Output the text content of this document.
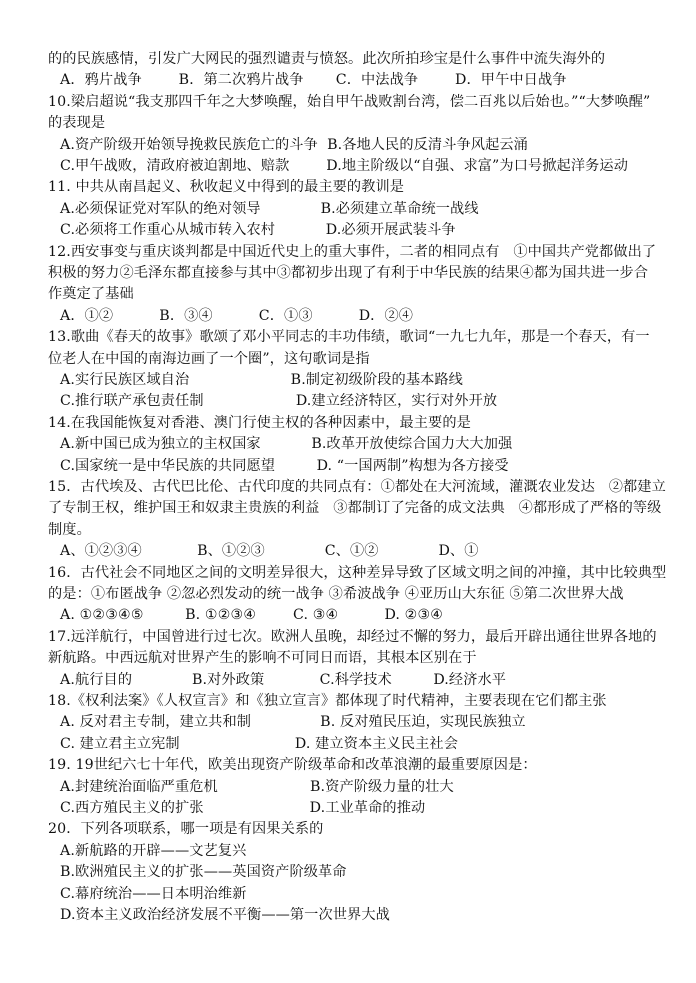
的的民族感情，引发广大网民的强烈谴责与愤怒。此次所拍珍宝是什么事件中流失海外的
A．鸦片战争        B．第二次鸦片战争       C．中法战争        D．甲午中日战争
10.梁启超说“我支那四千年之大梦唤醒，始自甲午战败割台湾，偿二百兆以后始也。”“大梦唤醒”
的表现是
A.资产阶级开始领导挽救民族危亡的斗争  B.各地人民的反清斗争风起云涌
C.甲午战败，清政府被迫割地、赔款        D.地主阶级以“自强、求富”为口号掀起洋务运动
11. 中共从南昌起义、秋收起义中得到的最主要的教训是
A.必须保证党对军队的绝对领导             B.必须建立革命统一战线
C.必须将工作重心从城市转入农村           D.必须开展武装斗争
12.西安事变与重庆谈判都是中国近代史上的重大事件，二者的相同点有   ①中国共产党都做出了
积极的努力②毛泽东都直接参与其中③都初步出现了有利于中华民族的结果④都为国共进一步合
作奠定了基础
A．①②          B．③④          C．①③          D．②④
13.歌曲《春天的故事》歌颂了邓小平同志的丰功伟绩，歌词“一九七九年，那是一个春天，有一
位老人在中国的南海边画了一个圈”，这句歌词是指
A.实行民族区域自治                      B.制定初级阶段的基本路线
C.推行联产承包责任制                    D.建立经济特区，实行对外开放
14.在我国能恢复对香港、澳门行使主权的各种因素中，最主要的是
A.新中国已成为独立的主权国家           B.改革开放使综合国力大大加强
C.国家统一是中华民族的共同愿望         D. “一国两制”构想为各方接受
15．古代埃及、古代巴比伦、古代印度的共同点有：①都处在大河流域，灌溉农业发达   ②都建立
了专制王权，维护国王和奴隶主贵族的利益   ③都制订了完备的成文法典   ④都形成了严格的等级
制度。
A、①②③④            B、①②③             C、①②             D、①
16．古代社会不同地区之间的文明差异很大，这种差异导致了区域文明之间的冲撞，其中比较典型
的是：①布匿战争 ②忽必烈发动的统一战争 ③希波战争 ④亚历山大东征 ⑤第二次世界大战
A. ①②③④⑤         B. ①②③④        C. ③④          D. ②③④
17.远洋航行，中国曾进行过七次。欧洲人虽晚，却经过不懈的努力，最后开辟出通往世界各地的
新航路。中西远航对世界产生的影响不可同日而语，其根本区别在于
A.航行目的             B.对外政策            C.科学技术         D.经济水平
18.《权利法案》《人权宣言》和《独立宣言》都体现了时代精神，主要表现在它们都主张
A. 反对君主专制，建立共和制               B. 反对殖民压迫，实现民族独立
C. 建立君主立宪制                         D. 建立资本主义民主社会
19. 19世纪六七十年代，欧美出现资产阶级革命和改革浪潮的最重要原因是：
A.封建统治面临严重危机                    B.资产阶级力量的壮大
C.西方殖民主义的扩张                       D.工业革命的推动
20．下列各项联系，哪一项是有因果关系的
A.新航路的开辟——文艺复兴
B.欧洲殖民主义的扩张——英国资产阶级革命
C.幕府统治——日本明治维新
D.资本主义政治经济发展不平衡——第一次世界大战
